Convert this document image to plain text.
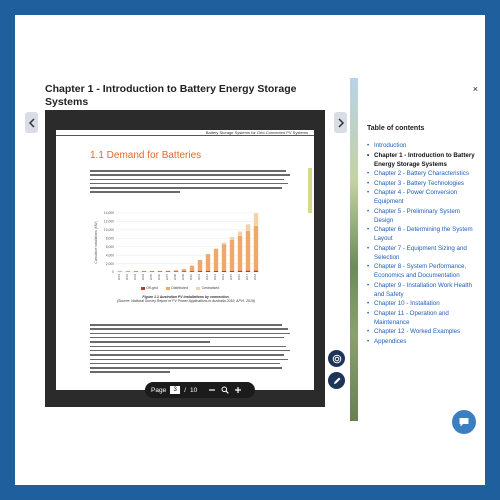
Chapter 1 - Introduction to Battery Energy Storage Systems
Battery Storage Systems for Grid-Connected PV Systems
1.1 Demand for Batteries
14,000
12,000
10,000
8,000
6,000
4,000
2,000
0
Cumulative installations (MW)
2001 2002 2003 2004 2005 2006 2007 2008 2009 2010 2011 2012 2013 2014 2015 2016 2017 2018
Off-grid	Distributed	Centralised
Figure 1.1 Australian PV installations by connection.
(Source: National Survey Report of PV Power Applications in Australia 2018, APVI, 2019)
Page	3	/ 10
×
Table of contents
• Introduction
• Chapter 1 - Introduction to Battery Energy Storage Systems
• Chapter 2 - Battery Characteristics
• Chapter 3 - Battery Technologies
• Chapter 4 - Power Conversion Equipment
• Chapter 5 - Preliminary System Design
• Chapter 6 - Determining the System Layout
• Chapter 7 - Equipment Sizing and Selection
• Chapter 8 - System Performance, Economics and Documentation
• Chapter 9 - Installation Work Health and Safety
• Chapter 10 - Installation
• Chapter 11 - Operation and Maintenance
• Chapter 12 - Worked Examples
• Appendices
